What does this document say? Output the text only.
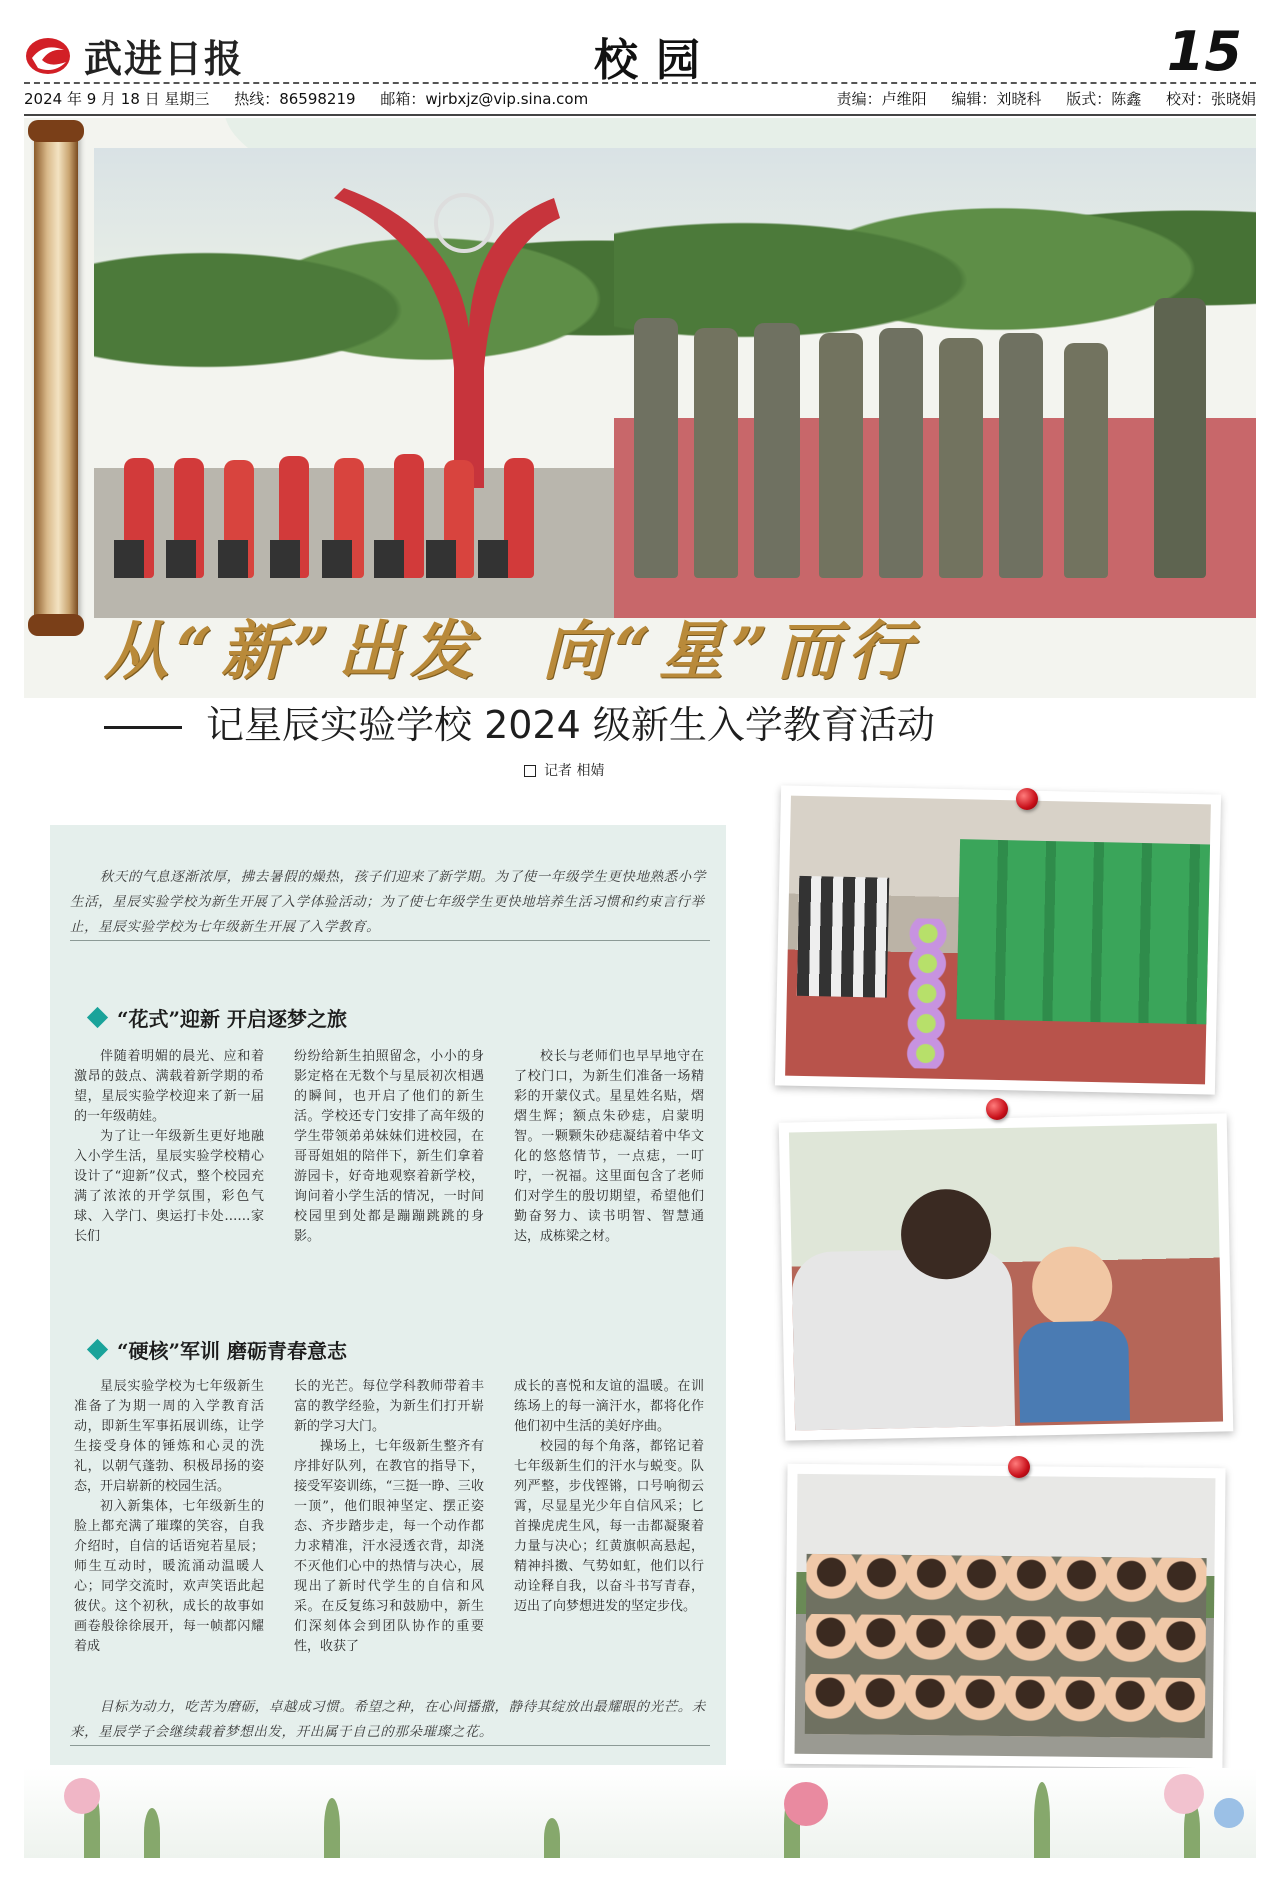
武进日报	校园	15
2024 年 9 月 18 日 星期三 热线：86598219 邮箱：wjrbxjz@vip.sina.com	责编：卢维阳 编辑：刘晓科 版式：陈鑫 校对：张晓娟
从“新”出发  向“星”而行
记星辰实验学校 2024 级新生入学教育活动
记者 相婧
秋天的气息逐渐浓厚，拂去暑假的燥热，孩子们迎来了新学期。为了使一年级学生更快地熟悉小学生活，星辰实验学校为新生开展了入学体验活动；为了使七年级学生更快地培养生活习惯和约束言行举止，星辰实验学校为七年级新生开展了入学教育。
“花式”迎新 开启逐梦之旅

伴随着明媚的晨光、应和着激昂的鼓点、满载着新学期的希望，星辰实验学校迎来了新一届的一年级萌娃。

为了让一年级新生更好地融入小学生活，星辰实验学校精心设计了“迎新”仪式，整个校园充满了浓浓的开学氛围，彩色气球、入学门、奥运打卡处……家长们

纷纷给新生拍照留念，小小的身影定格在无数个与星辰初次相遇的瞬间，也开启了他们的新生活。学校还专门安排了高年级的学生带领弟弟妹妹们进校园，在哥哥姐姐的陪伴下，新生们拿着游园卡，好奇地观察着新学校，询问着小学生活的情况，一时间校园里到处都是蹦蹦跳跳的身影。

校长与老师们也早早地守在了校门口，为新生们准备一场精彩的开蒙仪式。星星姓名贴，熠熠生辉；额点朱砂痣，启蒙明智。一颗颗朱砂痣凝结着中华文化的悠悠情节，一点痣，一叮咛，一祝福。这里面包含了老师们对学生的殷切期望，希望他们勤奋努力、读书明智、智慧通达，成栋梁之材。

“硬核”军训 磨砺青春意志

星辰实验学校为七年级新生准备了为期一周的入学教育活动，即新生军事拓展训练，让学生接受身体的锤炼和心灵的洗礼，以朝气蓬勃、积极昂扬的姿态，开启崭新的校园生活。

初入新集体，七年级新生的脸上都充满了璀璨的笑容，自我介绍时，自信的话语宛若星辰；师生互动时，暖流涌动温暖人心；同学交流时，欢声笑语此起彼伏。这个初秋，成长的故事如画卷般徐徐展开，每一帧都闪耀着成

长的光芒。每位学科教师带着丰富的教学经验，为新生们打开崭新的学习大门。

操场上，七年级新生整齐有序排好队列，在教官的指导下，接受军姿训练，“三挺一睁、三收一顶”，他们眼神坚定、摆正姿态、齐步踏步走，每一个动作都力求精准，汗水浸透衣背，却浇不灭他们心中的热情与决心，展现出了新时代学生的自信和风采。在反复练习和鼓励中，新生们深刻体会到团队协作的重要性，收获了

成长的喜悦和友谊的温暖。在训练场上的每一滴汗水，都将化作他们初中生活的美好序曲。

校园的每个角落，都铭记着七年级新生们的汗水与蜕变。队列严整，步伐铿锵，口号响彻云霄，尽显星光少年自信风采；匕首操虎虎生风，每一击都凝聚着力量与决心；红黄旗帜高悬起，精神抖擞、气势如虹，他们以行动诠释自我，以奋斗书写青春，迈出了向梦想进发的坚定步伐。

目标为动力，吃苦为磨砺，卓越成习惯。希望之种，在心间播撒，静待其绽放出最耀眼的光芒。未来，星辰学子会继续载着梦想出发，开出属于自己的那朵璀璨之花。
